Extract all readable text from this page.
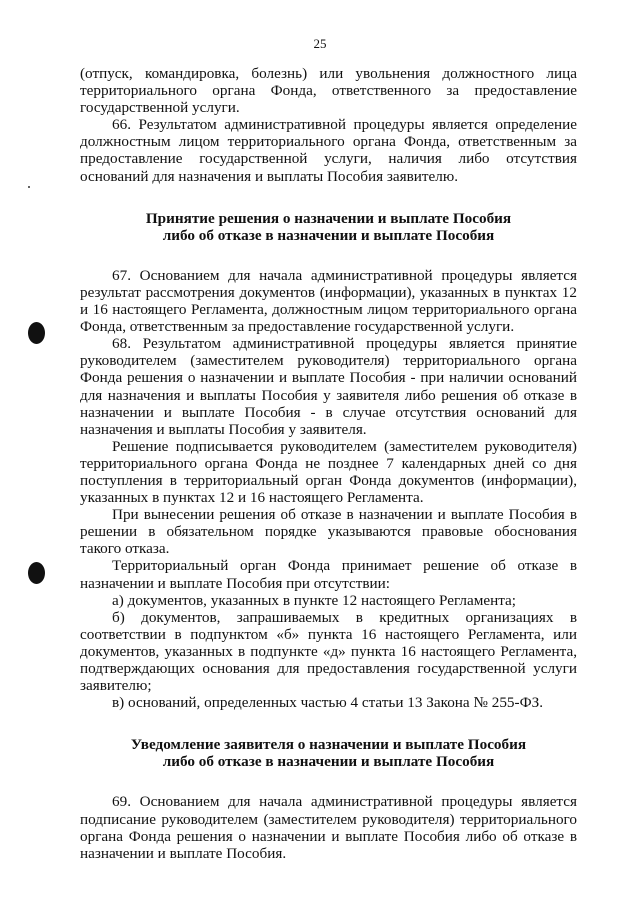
25

(отпуск, командировка, болезнь) или увольнения должностного лица территориального органа Фонда, ответственного за предоставление государственной услуги.

66. Результатом административной процедуры является определение должностным лицом территориального органа Фонда, ответственным за предоставление государственной услуги, наличия либо отсутствия оснований для назначения и выплаты Пособия заявителю.

Принятие решения о назначении и выплате Пособия
либо об отказе в назначении и выплате Пособия

67. Основанием для начала административной процедуры является результат рассмотрения документов (информации), указанных в пунктах 12 и 16 настоящего Регламента, должностным лицом территориального органа Фонда, ответственным за предоставление государственной услуги.

68. Результатом административной процедуры является принятие руководителем (заместителем руководителя) территориального органа Фонда решения о назначении и выплате Пособия - при наличии оснований для назначения и выплаты Пособия у заявителя либо решения об отказе в назначении и выплате Пособия - в случае отсутствия оснований для назначения и выплаты Пособия у заявителя.

Решение подписывается руководителем (заместителем руководителя) территориального органа Фонда не позднее 7 календарных дней со дня поступления в территориальный орган Фонда документов (информации), указанных в пунктах 12 и 16 настоящего Регламента.

При вынесении решения об отказе в назначении и выплате Пособия в решении в обязательном порядке указываются правовые обоснования такого отказа.

Территориальный орган Фонда принимает решение об отказе в назначении и выплате Пособия при отсутствии:

а) документов, указанных в пункте 12 настоящего Регламента;

б) документов, запрашиваемых в кредитных организациях в соответствии в подпунктом «б» пункта 16 настоящего Регламента, или документов, указанных в подпункте «д» пункта 16 настоящего Регламента, подтверждающих основания для предоставления государственной услуги заявителю;

в) оснований, определенных частью 4 статьи 13 Закона № 255-ФЗ.

Уведомление заявителя о назначении и выплате Пособия
либо об отказе в назначении и выплате Пособия

69. Основанием для начала административной процедуры является подписание руководителем (заместителем руководителя) территориального органа Фонда решения о назначении и выплате Пособия либо об отказе в назначении и выплате Пособия.
